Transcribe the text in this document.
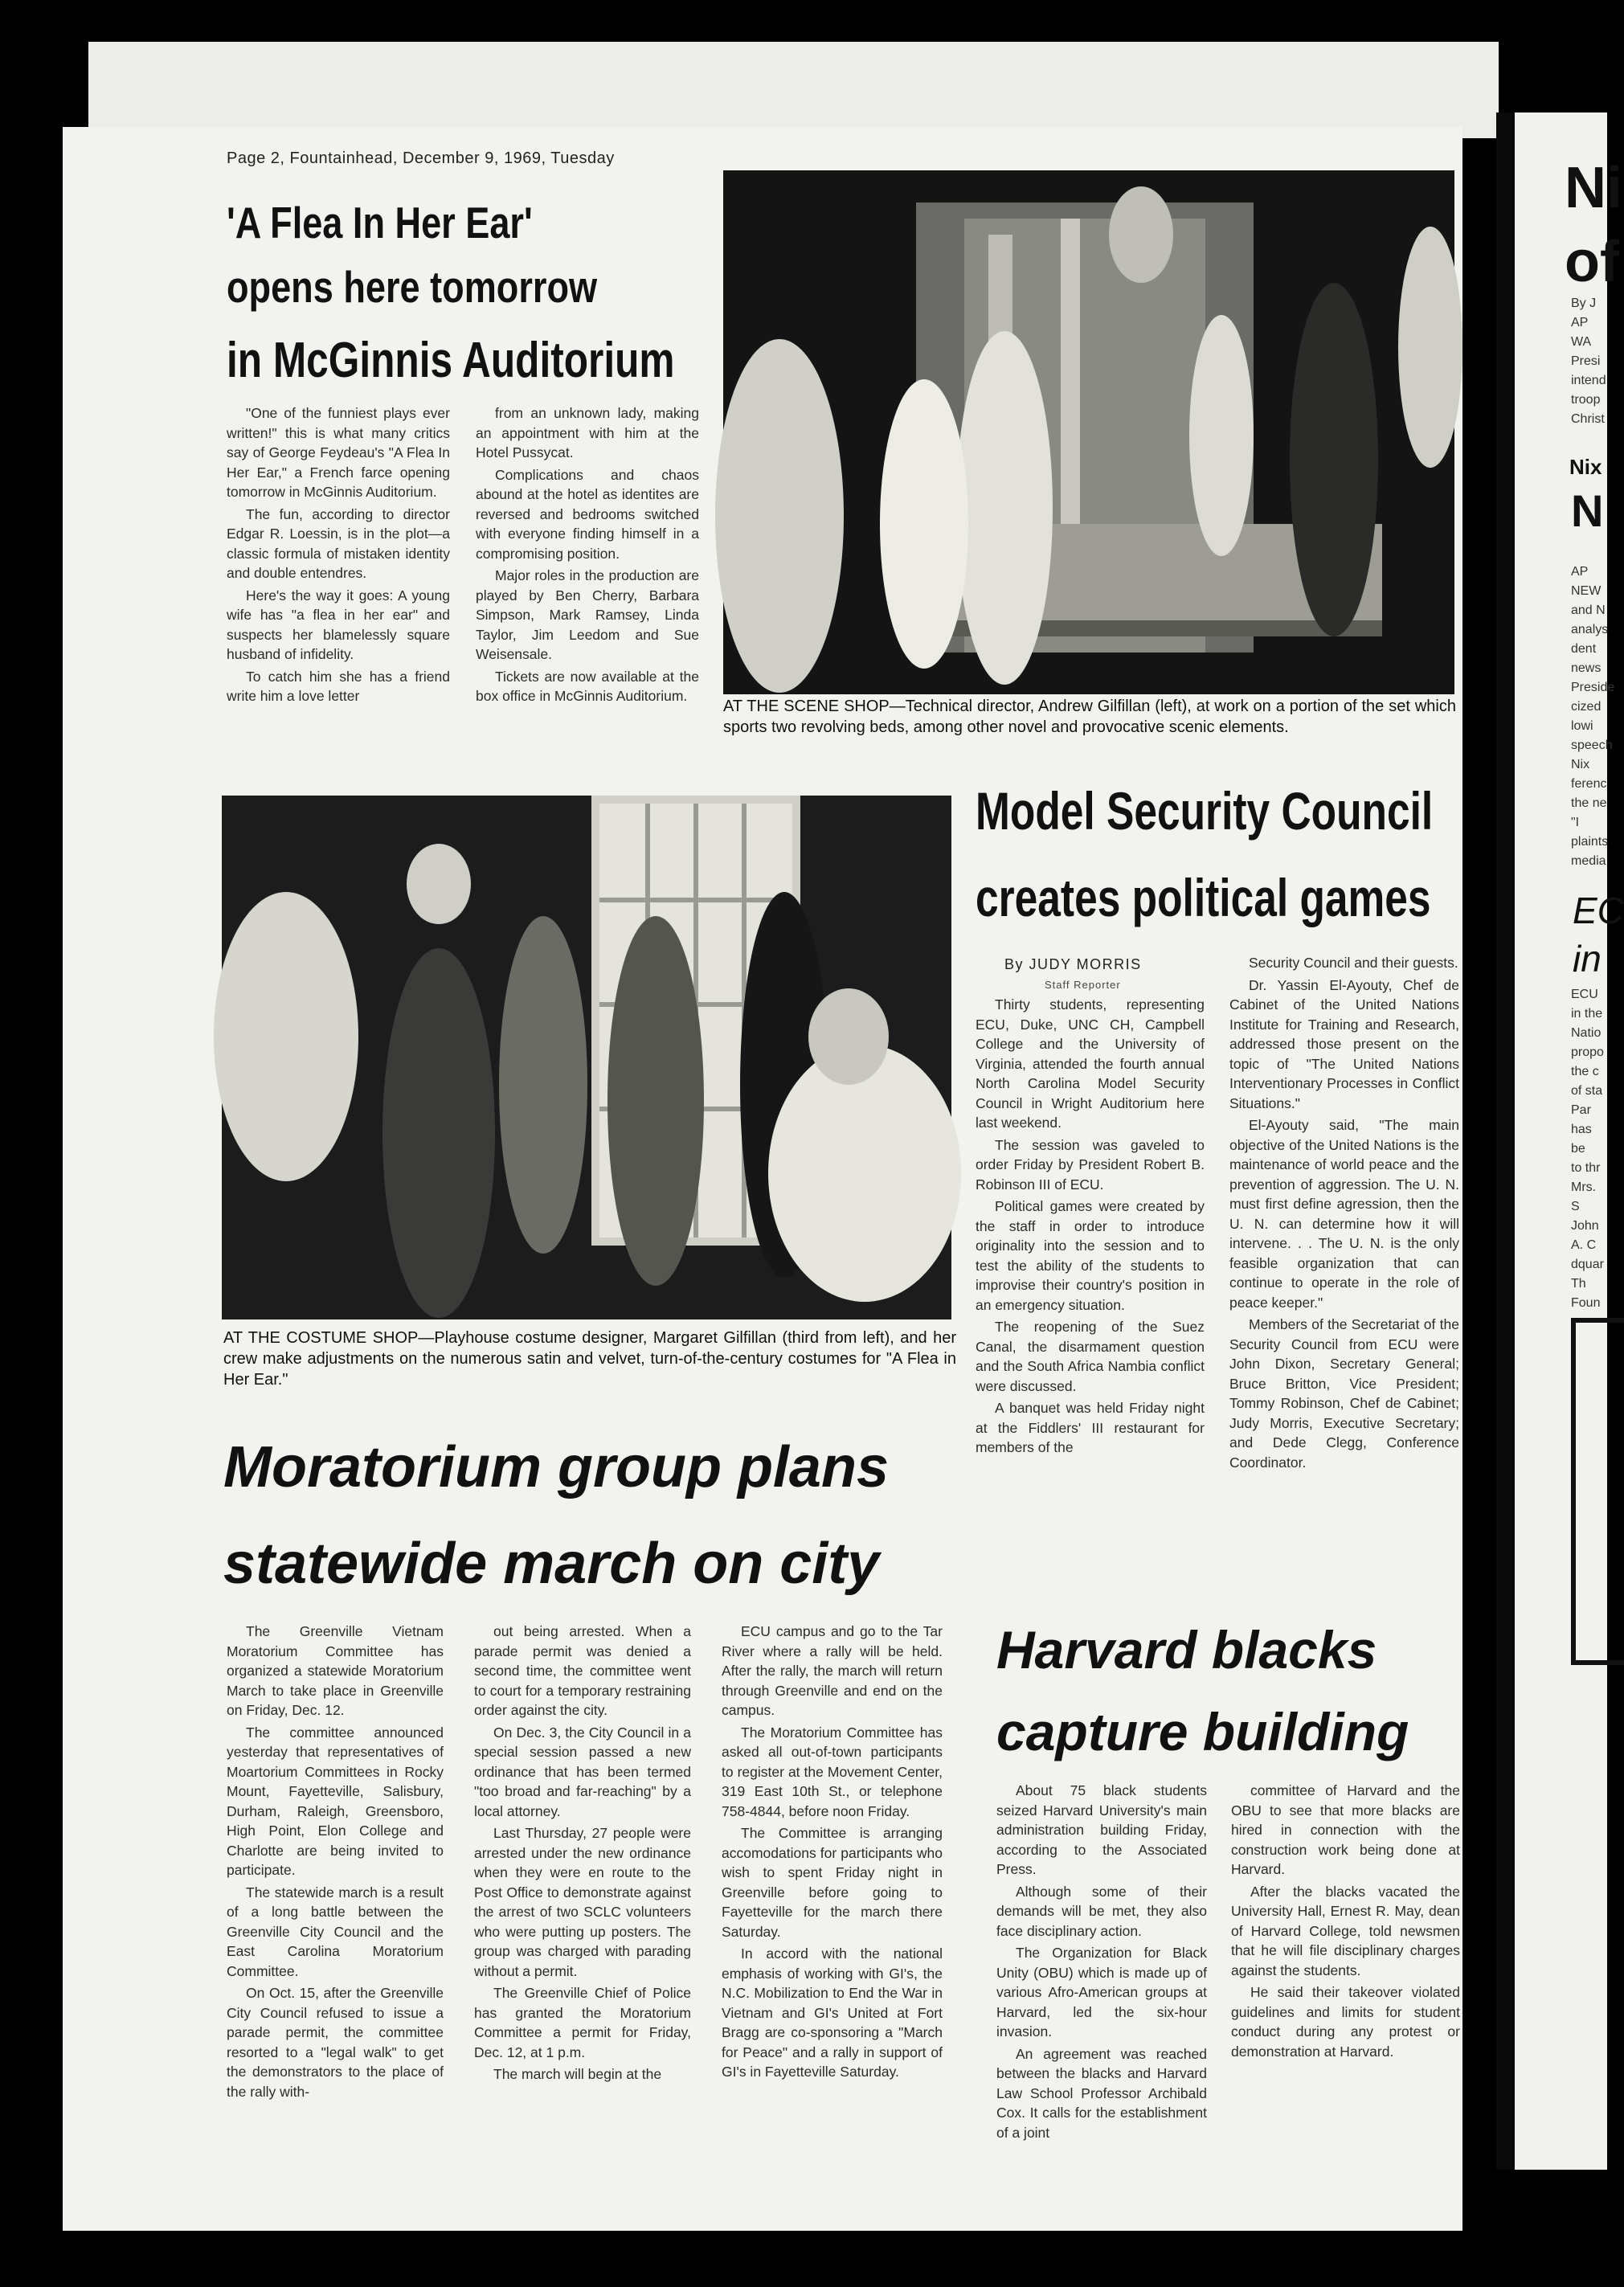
Page 2, Fountainhead, December 9, 1969, Tuesday
'A Flea In Her Ear'
opens here tomorrow
in McGinnis Auditorium

"One of the funniest plays ever written!" this is what many critics say of George Feydeau's "A Flea In Her Ear," a French farce opening tomorrow in McGinnis Auditorium.

The fun, according to director Edgar R. Loessin, is in the plot—a classic formula of mistaken identity and double entendres.

Here's the way it goes: A young wife has "a flea in her ear" and suspects her blamelessly square husband of infidelity.

To catch him she has a friend write him a love letter

from an unknown lady, making an appointment with him at the Hotel Pussycat.

Complications and chaos abound at the hotel as identites are reversed and bedrooms switched with everyone finding himself in a compromising position.

Major roles in the production are played by Ben Cherry, Barbara Simpson, Mark Ramsey, Linda Taylor, Jim Leedom and Sue Weisensale.

Tickets are now available at the box office in McGinnis Auditorium.

AT THE SCENE SHOP—Technical director, Andrew Gilfillan (left), at work on a portion of the set which sports two revolving beds, among other novel and provocative scenic elements.
AT THE COSTUME SHOP—Playhouse costume designer, Margaret Gilfillan (third from left), and her crew make adjustments on the numerous satin and velvet, turn-of-the-century costumes for "A Flea in Her Ear."
Model Security Council
creates political games
By JUDY MORRIS
Staff Reporter

Thirty students, representing ECU, Duke, UNC CH, Campbell College and the University of Virginia, attended the fourth annual North Carolina Model Security Council in Wright Auditorium here last weekend.

The session was gaveled to order Friday by President Robert B. Robinson III of ECU.

Political games were created by the staff in order to introduce originality into the session and to test the ability of the students to improvise their country's position in an emergency situation.

The reopening of the Suez Canal, the disarmament question and the South Africa Nambia conflict were discussed.

A banquet was held Friday night at the Fiddlers' III restaurant for members of the

Security Council and their guests.

Dr. Yassin El-Ayouty, Chef de Cabinet of the United Nations Institute for Training and Research, addressed those present on the topic of "The United Nations Interventionary Processes in Conflict Situations."

El-Ayouty said, "The main objective of the United Nations is the maintenance of world peace and the prevention of aggression. The U. N. must first define agression, then the U. N. can determine how it will intervene. . . The U. N. is the only feasible organization that can continue to operate in the role of peace keeper."

Members of the Secretariat of the Security Council from ECU were John Dixon, Secretary General; Bruce Britton, Vice President; Tommy Robinson, Chef de Cabinet; Judy Morris, Executive Secretary; and Dede Clegg, Conference Coordinator.

Moratorium group plans
statewide march on city

The Greenville Vietnam Moratorium Committee has organized a statewide Moratorium March to take place in Greenville on Friday, Dec. 12.

The committee announced yesterday that representatives of Moartorium Committees in Rocky Mount, Fayetteville, Salisbury, Durham, Raleigh, Greensboro, High Point, Elon College and Charlotte are being invited to participate.

The statewide march is a result of a long battle between the Greenville City Council and the East Carolina Moratorium Committee.

On Oct. 15, after the Greenville City Council refused to issue a parade permit, the committee resorted to a "legal walk" to get the demonstrators to the place of the rally with-

out being arrested. When a parade permit was denied a second time, the committee went to court for a temporary restraining order against the city.

On Dec. 3, the City Council in a special session passed a new ordinance that has been termed "too broad and far-reaching" by a local attorney.

Last Thursday, 27 people were arrested under the new ordinance when they were en route to the Post Office to demonstrate against the arrest of two SCLC volunteers who were putting up posters. The group was charged with parading without a permit.

The Greenville Chief of Police has granted the Moratorium Committee a permit for Friday, Dec. 12, at 1 p.m.

The march will begin at the

ECU campus and go to the Tar River where a rally will be held. After the rally, the march will return through Greenville and end on the campus.

The Moratorium Committee has asked all out-of-town participants to register at the Movement Center, 319 East 10th St., or telephone 758-4844, before noon Friday.

The Committee is arranging accomodations for participants who wish to spent Friday night in Greenville before going to Fayetteville for the march there Saturday.

In accord with the national emphasis of working with GI's, the N.C. Mobilization to End the War in Vietnam and GI's United at Fort Bragg are co-sponsoring a "March for Peace" and a rally in support of GI's in Fayetteville Saturday.

Harvard blacks
capture building

About 75 black students seized Harvard University's main administration building Friday, according to the Associated Press.

Although some of their demands will be met, they also face disciplinary action.

The Organization for Black Unity (OBU) which is made up of various Afro-American groups at Harvard, led the six-hour invasion.

An agreement was reached between the blacks and Harvard Law School Professor Archibald Cox. It calls for the establishment of a joint

committee of Harvard and the OBU to see that more blacks are hired in connection with the construction work being done at Harvard.

After the blacks vacated the University Hall, Ernest R. May, dean of Harvard College, told newsmen that he will file disciplinary charges against the students.

He said their takeover violated guidelines and limits for student conduct during any protest or demonstration at Harvard.

Ni
of
By J
AP
WA
Presi
intend
troop
Christ
Nix
N
AP
NEW
and N
analys
dent
news
Preside
cized
lowi
speech
Nix
ferenc
the ne
"I
plaints
media
EC
in
ECU
in the
Natio
propo
the c
of sta
Par
has be
to thr
Mrs. S
John
A. C
dquar
Th
Foun
